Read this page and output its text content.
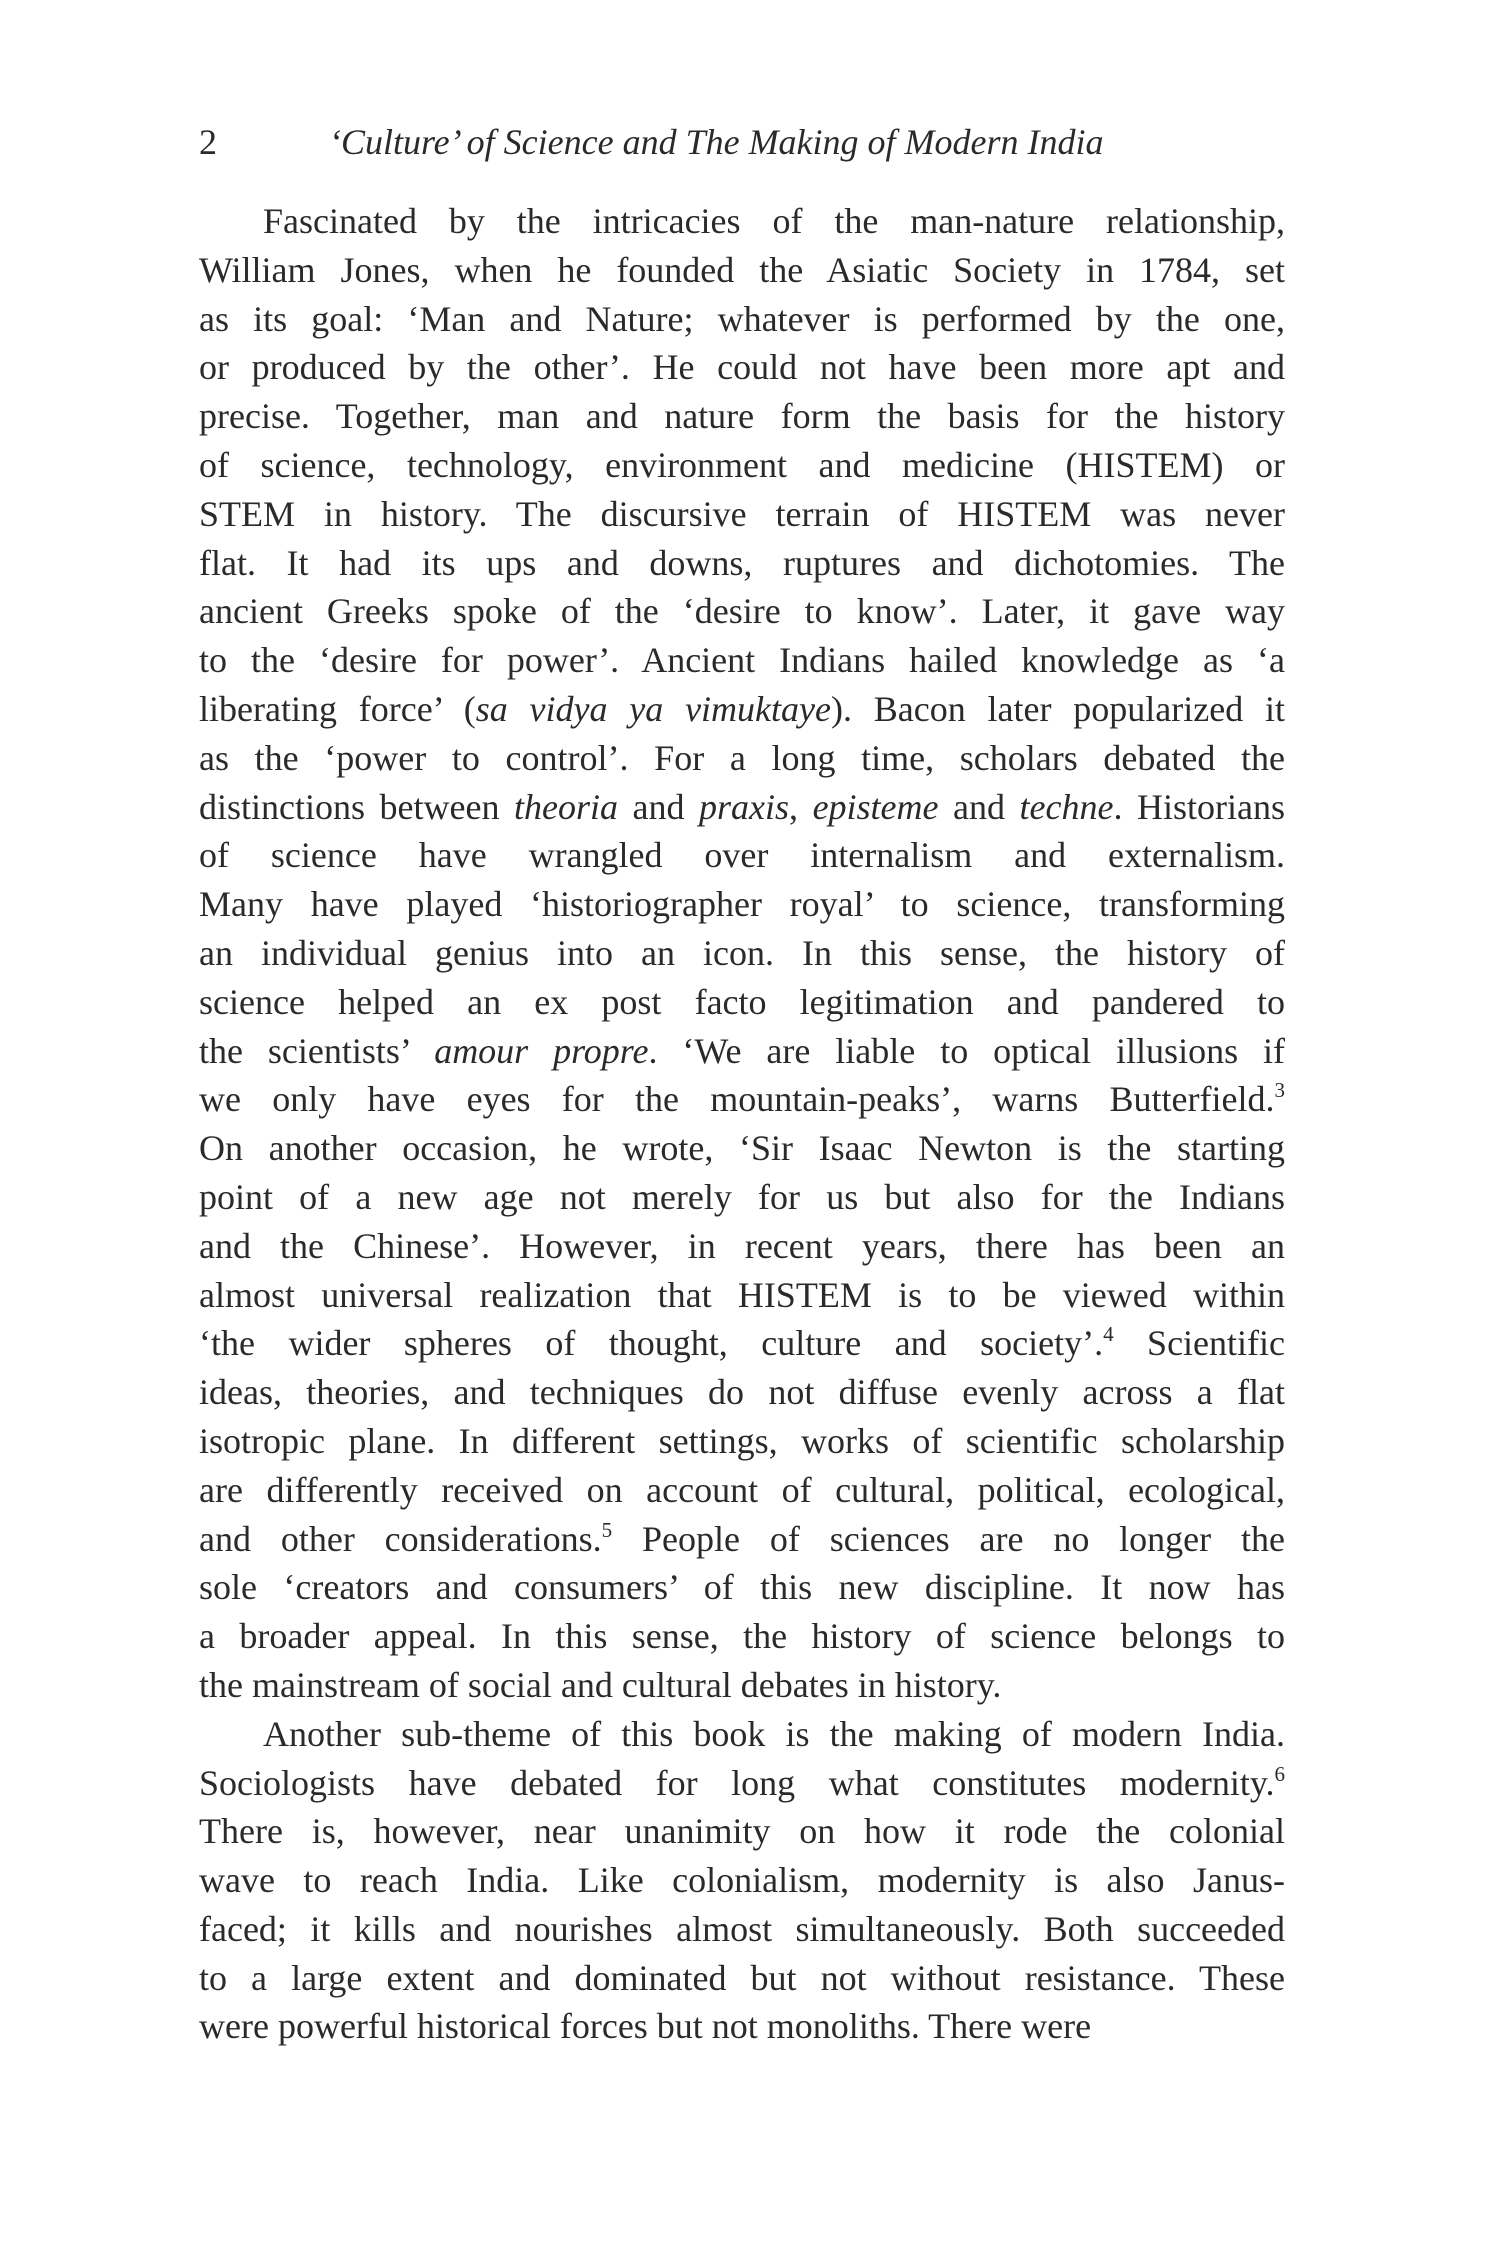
2	‘Culture’ of Science and The Making of Modern India
Fascinated by the intricacies of the man-nature relationship,
William Jones, when he founded the Asiatic Society in 1784, set
as its goal: ‘Man and Nature; whatever is performed by the one,
or produced by the other’. He could not have been more apt and
precise. Together, man and nature form the basis for the history
of science, technology, environment and medicine (HISTEM) or
STEM in history. The discursive terrain of HISTEM was never
flat. It had its ups and downs, ruptures and dichotomies. The
ancient Greeks spoke of the ‘desire to know’. Later, it gave way
to the ‘desire for power’. Ancient Indians hailed knowledge as ‘a
liberating force’ (sa vidya ya vimuktaye). Bacon later popularized it
as the ‘power to control’. For a long time, scholars debated the
distinctions between theoria and praxis, episteme and techne. Historians
of science have wrangled over internalism and externalism.
Many have played ‘historiographer royal’ to science, transforming
an individual genius into an icon. In this sense, the history of
science helped an ex post facto legitimation and pandered to
the scientists’ amour propre. ‘We are liable to optical illusions if
we only have eyes for the mountain-peaks’, warns Butterfield.$^3$
On another occasion, he wrote, ‘Sir Isaac Newton is the starting
point of a new age not merely for us but also for the Indians
and the Chinese’. However, in recent years, there has been an
almost universal realization that HISTEM is to be viewed within
‘the wider spheres of thought, culture and society’.$^4$ Scientific
ideas, theories, and techniques do not diffuse evenly across a flat
isotropic plane. In different settings, works of scientific scholarship
are differently received on account of cultural, political, ecological,
and other considerations.$^5$ People of sciences are no longer the
sole ‘creators and consumers’ of this new discipline. It now has
a broader appeal. In this sense, the history of science belongs to
the mainstream of social and cultural debates in history.
Another sub-theme of this book is the making of modern India.
Sociologists have debated for long what constitutes modernity.$^6$
There is, however, near unanimity on how it rode the colonial
wave to reach India. Like colonialism, modernity is also Janus-
faced; it kills and nourishes almost simultaneously. Both succeeded
to a large extent and dominated but not without resistance. These
were powerful historical forces but not monoliths. There were
